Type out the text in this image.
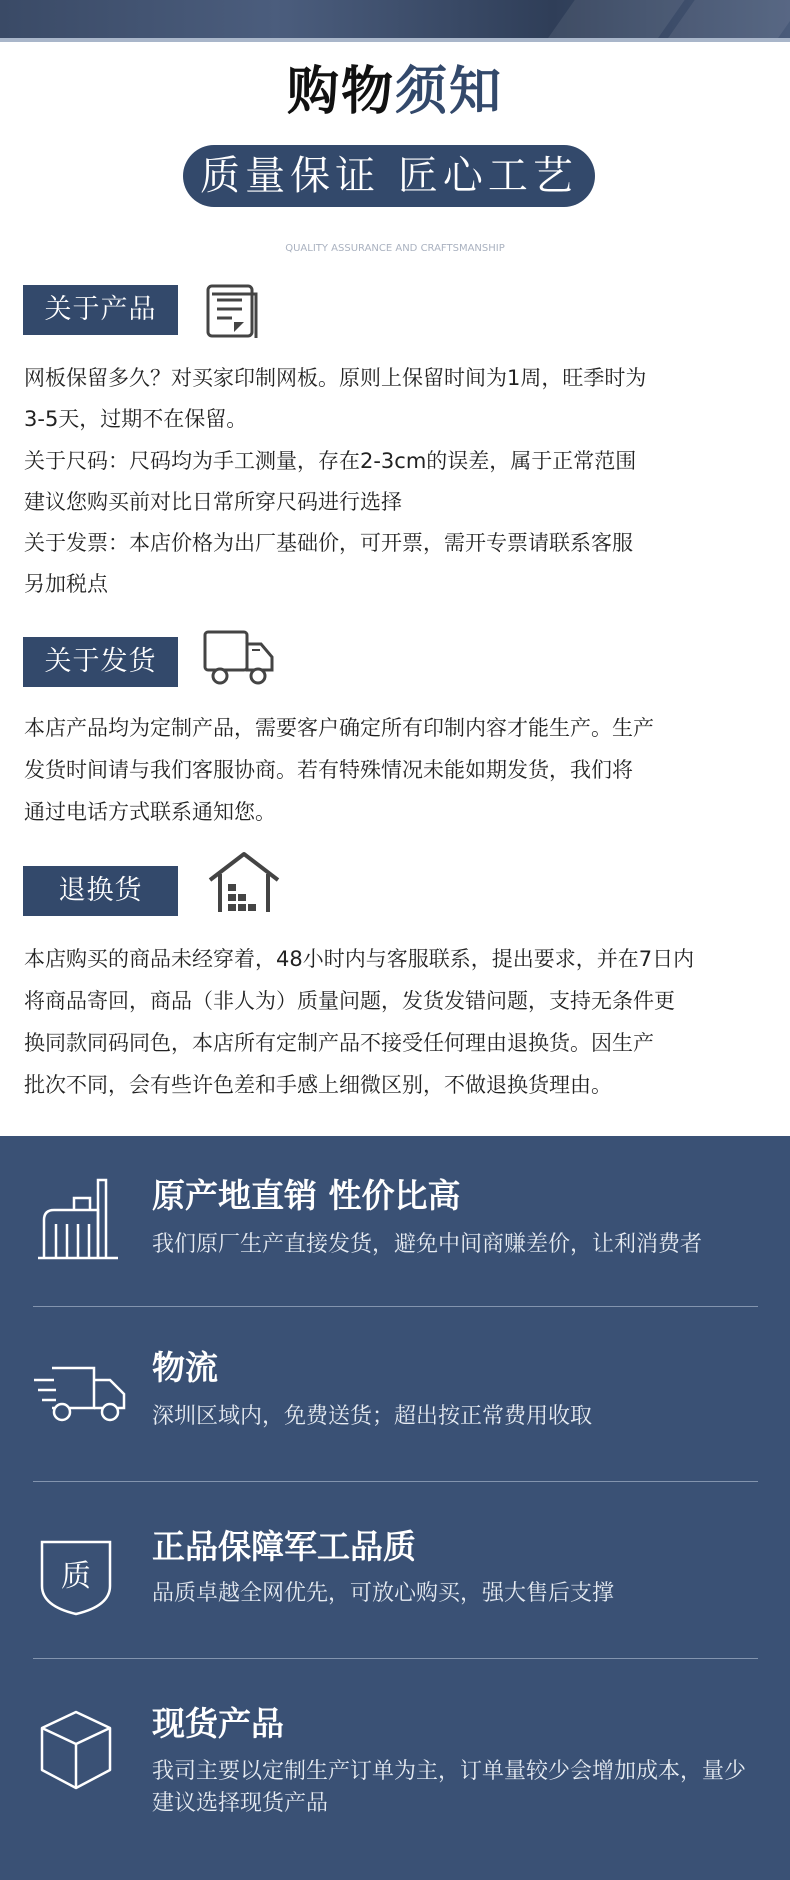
购物须知
质量保证 匠心工艺
QUALITY ASSURANCE AND CRAFTSMANSHIP
关于产品

网板保留多久？对买家印制网板。原则上保留时间为1周，旺季时为

3-5天，过期不在保留。

关于尺码：尺码均为手工测量，存在2-3cm的误差，属于正常范围

建议您购买前对比日常所穿尺码进行选择

关于发票：本店价格为出厂基础价，可开票，需开专票请联系客服

另加税点

关于发货

本店产品均为定制产品，需要客户确定所有印制内容才能生产。生产

发货时间请与我们客服协商。若有特殊情况未能如期发货，我们将

通过电话方式联系通知您。

退换货

本店购买的商品未经穿着，48小时内与客服联系，提出要求，并在7日内

将商品寄回，商品（非人为）质量问题，发货发错问题，支持无条件更

换同款同码同色，本店所有定制产品不接受任何理由退换货。因生产

批次不同，会有些许色差和手感上细微区别，不做退换货理由。

原产地直销 性价比高
我们原厂生产直接发货，避免中间商赚差价，让利消费者
物流
深圳区域内，免费送货；超出按正常费用收取
质
正品保障军工品质
品质卓越全网优先，可放心购买，强大售后支撑
现货产品
我司主要以定制生产订单为主，订单量较少会增加成本，量少建议选择现货产品
